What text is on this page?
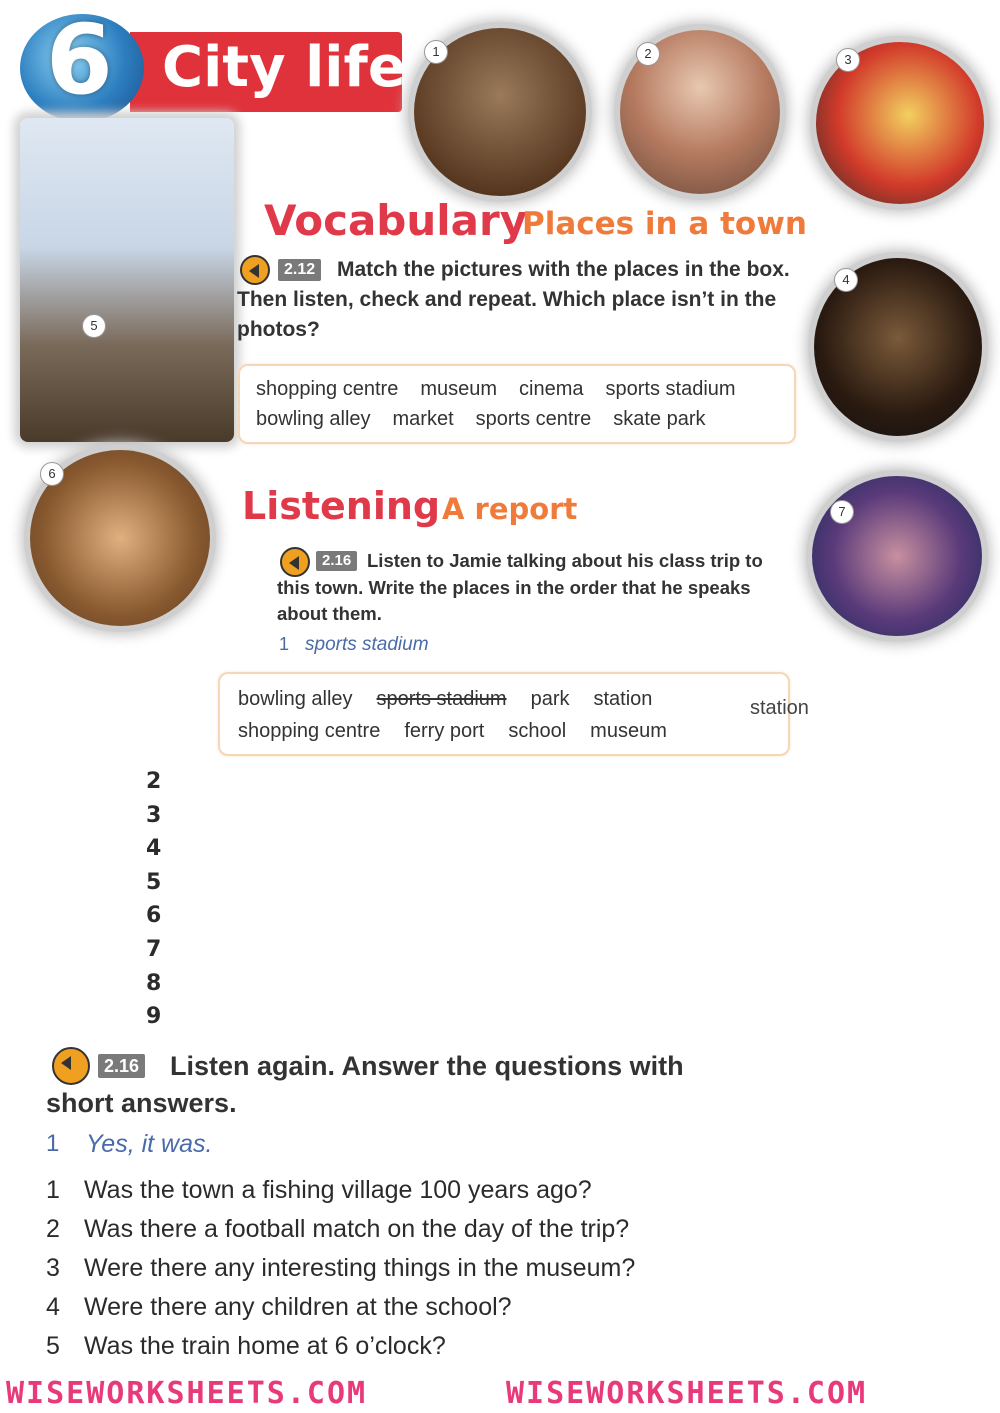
6 City life	1	2	3
4
5
6
7
Vocabulary
Places in a town
2.12	Match the pictures with the places in the box. Then listen, check and repeat. Which place isn’t in the photos?
shopping centre museum cinema sports stadium
bowling alley market sports centre skate park
Listening A report
2.16 Listen to Jamie talking about his class trip to this town. Write the places in the order that he speaks about them.
1 sports stadium
bowling alley sports stadium park station
shopping centre ferry port school museum
station
2
3
4
5
6
7
8
9
2.16	Listen again. Answer the questions with short answers.
1 Yes, it was.
1 Was the town a fishing village 100 years ago?
2 Was there a football match on the day of the trip?
3 Were there any interesting things in the museum?
4 Were there any children at the school?
5 Was the train home at 6 o’clock?
WISEWORKSHEETS.COM	WISEWORKSHEETS.COM
